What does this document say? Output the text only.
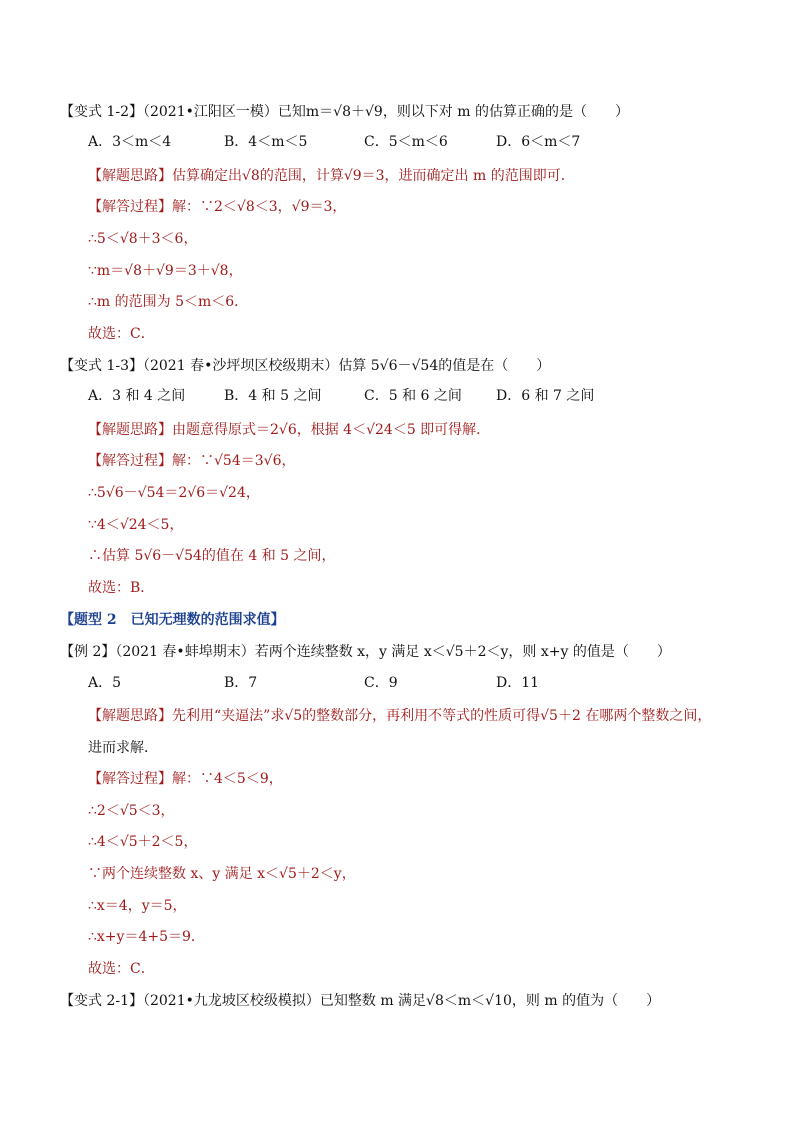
【变式 1-2】（2021•江阳区一模）已知m＝√8＋√9，则以下对 m 的估算正确的是（　　）
A．3＜m＜4	B．4＜m＜5	C．5＜m＜6	D．6＜m＜7
【解题思路】估算确定出√8的范围，计算√9＝3，进而确定出 m 的范围即可．
【解答过程】解：∵2＜√8＜3，√9＝3，
∴5＜√8＋3＜6，
∵m＝√8＋√9＝3＋√8，
∴m 的范围为 5＜m＜6．
故选：C．
【变式 1-3】（2021 春•沙坪坝区校级期末）估算 5√6－√54的值是在（　　）
A．3 和 4 之间	B．4 和 5 之间	C．5 和 6 之间 D．6 和 7 之间
【解题思路】由题意得原式＝2√6，根据 4＜√24＜5 即可得解．
【解答过程】解：∵√54＝3√6，
∴5√6－√54＝2√6＝√24，
∵4＜√24＜5，
∴估算 5√6－√54的值在 4 和 5 之间，
故选：B．
【题型 2　已知无理数的范围求值】
【例 2】（2021 春•蚌埠期末）若两个连续整数 x，y 满足 x＜√5＋2＜y，则 x+y 的值是（　　）
A．5	B．7	C．9	D．11
【解题思路】先利用“夹逼法”求√5的整数部分，再利用不等式的性质可得√5＋2 在哪两个整数之间，
进而求解．
【解答过程】解：∵4＜5＜9，
∴2＜√5＜3，
∴4＜√5＋2＜5，
∵两个连续整数 x、y 满足 x＜√5＋2＜y，
∴x＝4，y＝5，
∴x+y＝4+5＝9．
故选：C．
【变式 2-1】（2021•九龙坡区校级模拟）已知整数 m 满足√8＜m＜√10，则 m 的值为（　　）
